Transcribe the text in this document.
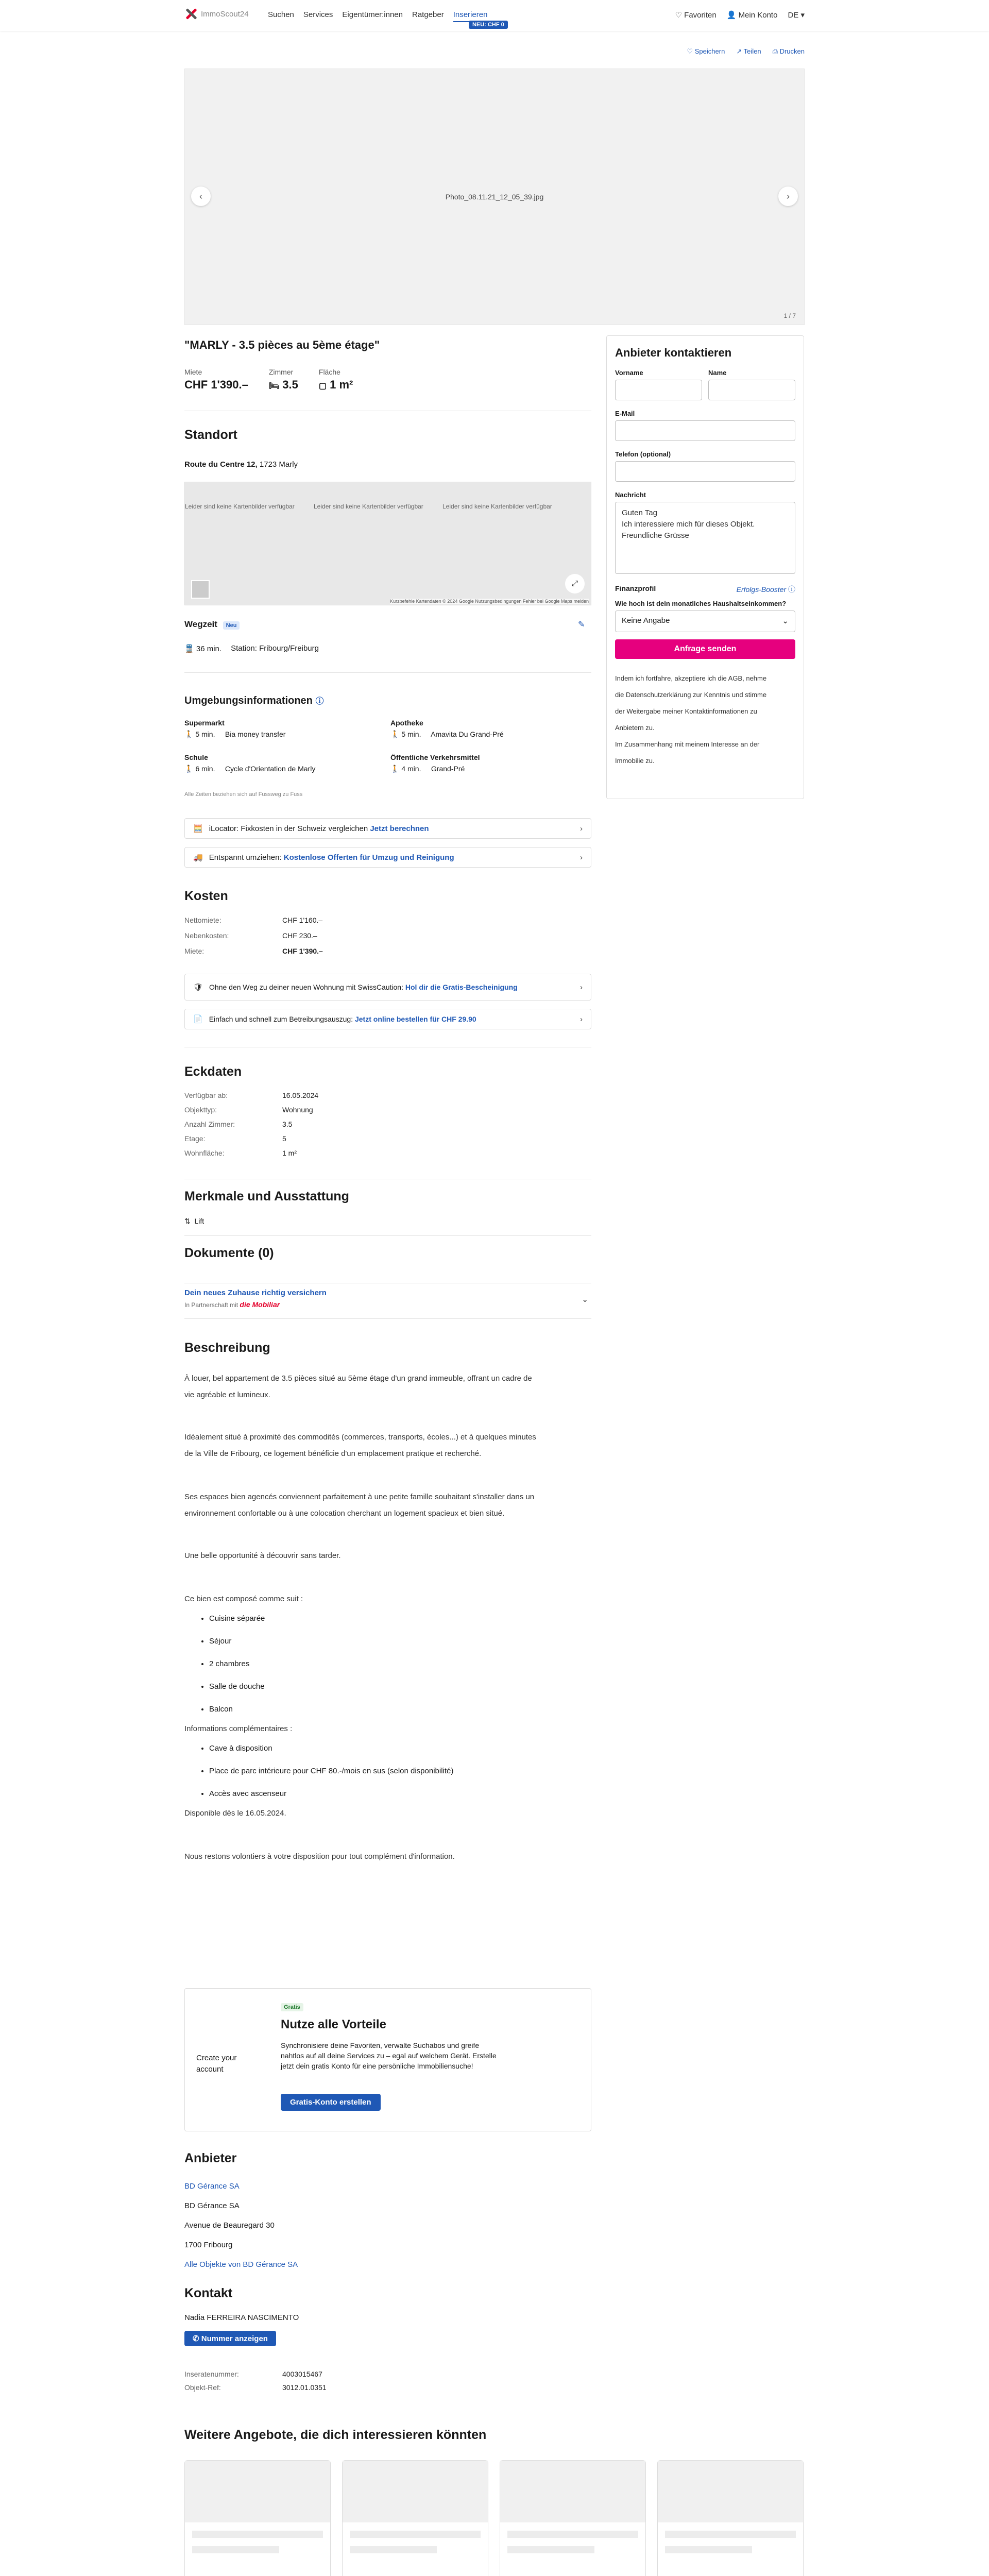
ImmoScout24 Suchen Services Eigentümer:innen Ratgeber Inserieren
NEU: CHF 0
♡ Favoriten 👤 Mein Konto DE ▾
♡ Speichern ↗ Teilen ⎙ Drucken
‹	Photo_08.11.21_12_05_39.jpg	›
1 / 7
"MARLY - 3.5 pièces au 5ème étage"
Miete
CHF 1'390.–
Zimmer
🛏 3.5
Fläche
▢ 1 m²
Standort
Route du Centre 12, 1723 Marly
Leider sind keine Kartenbilder verfügbar	Leider sind keine Kartenbilder verfügbar	Leider sind keine Kartenbilder verfügbar
⤢
Kurzbefehle Kartendaten © 2024 Google Nutzungsbedingungen Fehler bei Google Maps melden
Wegzeit Neu	✎
🚆 36 min. Station: Fribourg/Freiburg
Umgebungsinformationen ⓘ
Supermarkt
🚶 5 min. Bia money transfer
Apotheke
🚶 5 min. Amavita Du Grand-Pré
Schule
🚶 6 min. Cycle d'Orientation de Marly
Öffentliche Verkehrsmittel
🚶 4 min. Grand-Pré
Alle Zeiten beziehen sich auf Fussweg zu Fuss
🧮 iLocator: Fixkosten in der Schweiz vergleichen Jetzt berechnen	›
🚚 Entspannt umziehen: Kostenlose Offerten für Umzug und Reinigung	›
Kosten
Nettomiete:	CHF 1'160.–
Nebenkosten:	CHF 230.–
Miete:	CHF 1'390.–
🛡 Ohne den Weg zu deiner neuen Wohnung mit SwissCaution: Hol dir die Gratis-Bescheinigung	›
📄 Einfach und schnell zum Betreibungsauszug: Jetzt online bestellen für CHF 29.90	›
Eckdaten
Verfügbar ab:	16.05.2024
Objekttyp:	Wohnung
Anzahl Zimmer:	3.5
Etage:	5
Wohnfläche:	1 m²
Merkmale und Ausstattung
⇅ Lift
Dokumente (0)
Dein neues Zuhause richtig versichern
In Partnerschaft mit die Mobiliar
⌄
Beschreibung

À louer, bel appartement de 3.5 pièces situé au 5ème étage d'un grand immeuble, offrant un cadre de

vie agréable et lumineux.

Idéalement situé à proximité des commodités (commerces, transports, écoles...) et à quelques minutes

de la Ville de Fribourg, ce logement bénéficie d'un emplacement pratique et recherché.

Ses espaces bien agencés conviennent parfaitement à une petite famille souhaitant s'installer dans un

environnement confortable ou à une colocation cherchant un logement spacieux et bien situé.

Une belle opportunité à découvrir sans tarder.

Ce bien est composé comme suit :

• Cuisine séparée
• Séjour
• 2 chambres
• Salle de douche
• Balcon

Informations complémentaires :

• Cave à disposition
• Place de parc intérieure pour CHF 80.-/mois en sus (selon disponibilité)
• Accès avec ascenseur

Disponible dès le 16.05.2024.

Nous restons volontiers à votre disposition pour tout complément d'information.

Create your account
Gratis
Nutze alle Vorteile
Synchronisiere deine Favoriten, verwalte Suchabos und greife nahtlos auf all deine Services zu – egal auf welchem Gerät. Erstelle jetzt dein gratis Konto für eine persönliche Immobiliensuche!
Gratis-Konto erstellen
Anbieter
BD Gérance SA
BD Gérance SA
Avenue de Beauregard 30
1700 Fribourg
Alle Objekte von BD Gérance SA
Kontakt
Nadia FERREIRA NASCIMENTO
✆ Nummer anzeigen
Inseratenummer:	4003015467
Objekt-Ref:	3012.01.0351
Weitere Angebote, die dich interessieren könnten

Anbieter kontaktieren
Vorname	Name
E-Mail
Telefon (optional)
Nachricht
Guten Tag
Ich interessiere mich für dieses Objekt.
Freundliche Grüsse
Finanzprofil	Erfolgs-Booster ⓘ
Wie hoch ist dein monatliches Haushaltseinkommen?
Keine Angabe	⌄
Anfrage senden
Indem ich fortfahre, akzeptiere ich die AGB, nehme
die Datenschutzerklärung zur Kenntnis und stimme
der Weitergabe meiner Kontaktinformationen zu
Anbietern zu.
Im Zusammenhang mit meinem Interesse an der
Immobilie zu.
